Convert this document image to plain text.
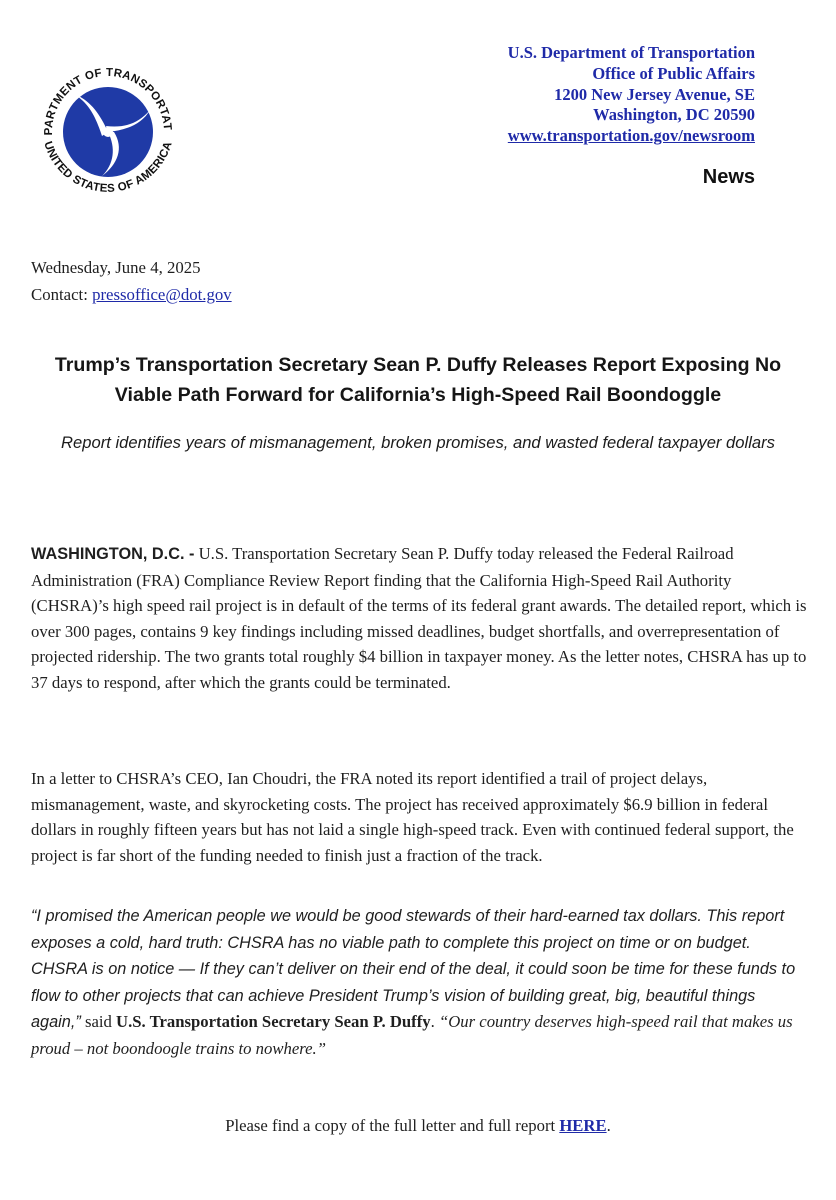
PARTMENT OF TRANSPORTAT
UNITED STATES OF AMERICA
U.S. Department of Transportation
Office of Public Affairs
1200 New Jersey Avenue, SE
Washington, DC 20590
www.transportation.gov/newsroom
News
Wednesday, June 4, 2025
Contact: pressoffice@dot.gov
Trump’s Transportation Secretary Sean P. Duffy Releases Report Exposing No Viable Path Forward for California’s High-Speed Rail Boondoggle

Report identifies years of mismanagement, broken promises, and wasted federal taxpayer dollars

WASHINGTON, D.C. - U.S. Transportation Secretary Sean P. Duffy today released the Federal Railroad Administration (FRA) Compliance Review Report finding that the California High-Speed Rail Authority (CHSRA)’s high speed rail project is in default of the terms of its federal grant awards. The detailed report, which is over 300 pages, contains 9 key findings including missed deadlines, budget shortfalls, and overrepresentation of projected ridership. The two grants total roughly $4 billion in taxpayer money. As the letter notes, CHSRA has up to 37 days to respond, after which the grants could be terminated.

In a letter to CHSRA’s CEO, Ian Choudri, the FRA noted its report identified a trail of project delays, mismanagement, waste, and skyrocketing costs. The project has received approximately $6.9 billion in federal dollars in roughly fifteen years but has not laid a single high-speed track. Even with continued federal support, the project is far short of the funding needed to finish just a fraction of the track.

“I promised the American people we would be good stewards of their hard-earned tax dollars. This report exposes a cold, hard truth: CHSRA has no viable path to complete this project on time or on budget. CHSRA is on notice — If they can’t deliver on their end of the deal, it could soon be time for these funds to flow to other projects that can achieve President Trump’s vision of building great, big, beautiful things again,” said U.S. Transportation Secretary Sean P. Duffy. “Our country deserves high-speed rail that makes us proud – not boondoogle trains to nowhere.”

Please find a copy of the full letter and full report HERE.
